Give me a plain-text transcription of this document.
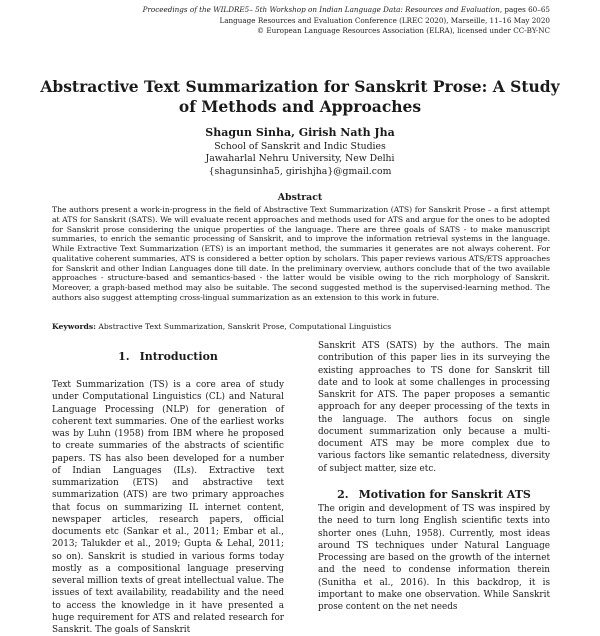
Proceedings of the WILDRE5– 5th Workshop on Indian Language Data: Resources and Evaluation, pages 60–65
Language Resources and Evaluation Conference (LREC 2020), Marseille, 11–16 May 2020
© European Language Resources Association (ELRA), licensed under CC-BY-NC
Abstractive Text Summarization for Sanskrit Prose: A Study of Methods and Approaches
Shagun Sinha, Girish Nath Jha
School of Sanskrit and Indic Studies
Jawaharlal Nehru University, New Delhi
{shagunsinha5, girishjha}@gmail.com
Abstract

The authors present a work-in-progress in the field of Abstractive Text Summarization (ATS) for Sanskrit Prose – a first attempt at ATS for Sanskrit (SATS). We will evaluate recent approaches and methods used for ATS and argue for the ones to be adopted for Sanskrit prose considering the unique properties of the language. There are three goals of SATS - to make manuscript summaries, to enrich the semantic processing of Sanskrit, and to improve the information retrieval systems in the language. While Extractive Text Summarization (ETS) is an important method, the summaries it generates are not always coherent. For qualitative coherent summaries, ATS is considered a better option by scholars. This paper reviews various ATS/ETS approaches for Sanskrit and other Indian Languages done till date. In the preliminary overview, authors conclude that of the two available approaches - structure-based and semantics-based - the latter would be visible owing to the rich morphology of Sanskrit. Moreover, a graph-based method may also be suitable. The second suggested method is the supervised-learning method. The authors also suggest attempting cross-lingual summarization as an extension to this work in future.

Keywords: Abstractive Text Summarization, Sanskrit Prose, Computational Linguistics

1. Introduction

Text Summarization (TS) is a core area of study under Computational Linguistics (CL) and Natural Language Processing (NLP) for generation of coherent text summaries. One of the earliest works was by Luhn (1958) from IBM where he proposed to create summaries of the abstracts of scientific papers. TS has also been developed for a number of Indian Languages (ILs). Extractive text summarization (ETS) and abstractive text summarization (ATS) are two primary approaches that focus on summarizing IL internet content, newspaper articles, research papers, official documents etc (Sankar et al., 2011; Embar et al., 2013; Talukder et al., 2019; Gupta & Lehal, 2011; so on). Sanskrit is studied in various forms today mostly as a compositional language preserving several million texts of great intellectual value. The issues of text availability, readability and the need to access the knowledge in it have presented a huge requirement for ATS and related research for Sanskrit. The goals of Sanskrit

Sanskrit ATS (SATS) by the authors. The main contribution of this paper lies in its surveying the existing approaches to TS done for Sanskrit till date and to look at some challenges in processing Sanskrit for ATS. The paper proposes a semantic approach for any deeper processing of the texts in the language. The authors focus on single document summarization only because a multi-document ATS may be more complex due to various factors like semantic relatedness, diversity of subject matter, size etc.

2. Motivation for Sanskrit ATS

The origin and development of TS was inspired by the need to turn long English scientific texts into shorter ones (Luhn, 1958). Currently, most ideas around TS techniques under Natural Language Processing are based on the growth of the internet and the need to condense information therein (Sunitha et al., 2016). In this backdrop, it is important to make one observation. While Sanskrit prose content on the net needs
